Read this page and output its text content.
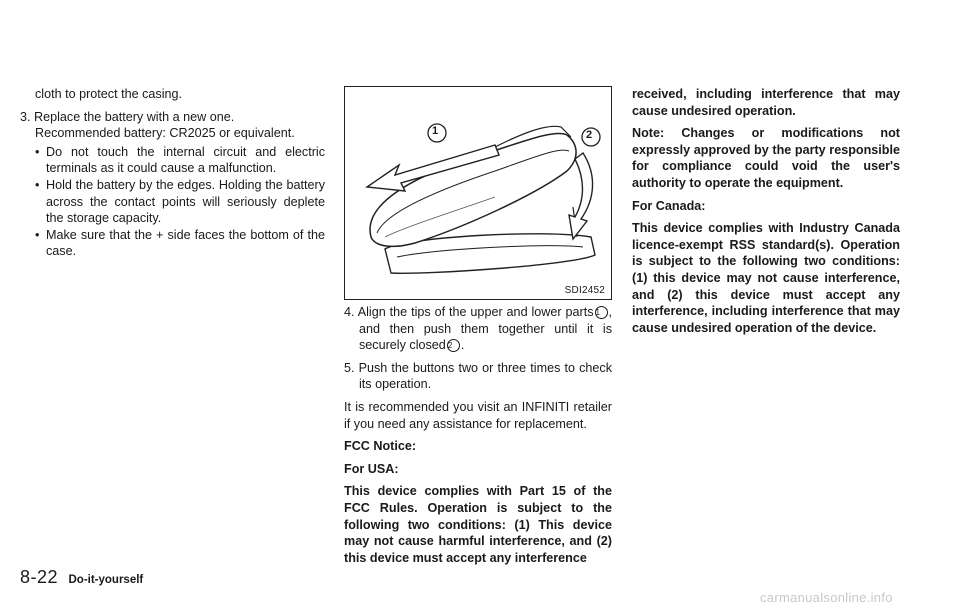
cloth to protect the casing.

3. Replace the battery with a new one.

Recommended battery: CR2025 or equivalent.

• Do not touch the internal circuit and electric terminals as it could cause a malfunction.

• Hold the battery by the edges. Holding the battery across the contact points will seriously deplete the storage capacity.

• Make sure that the + side faces the bottom of the case.

1	2
SDI2452

4. Align the tips of the upper and lower parts 1 , and then push them together until it is securely closed 2 .

5. Push the buttons two or three times to check its operation.

It is recommended you visit an INFINITI retailer if you need any assistance for replacement.

FCC Notice:

For USA:

This device complies with Part 15 of the FCC Rules. Operation is subject to the following two conditions: (1) This device may not cause harmful interference, and (2) this device must accept any interference

received, including interference that may cause undesired operation.

Note: Changes or modifications not expressly approved by the party responsible for compliance could void the user's authority to operate the equipment.

For Canada:

This device complies with Industry Canada licence-exempt RSS standard(s). Operation is subject to the following two conditions: (1) this device may not cause interference, and (2) this device must accept any interference, including interference that may cause undesired operation of the device.

8-22 Do-it-yourself
carmanualsonline.info
